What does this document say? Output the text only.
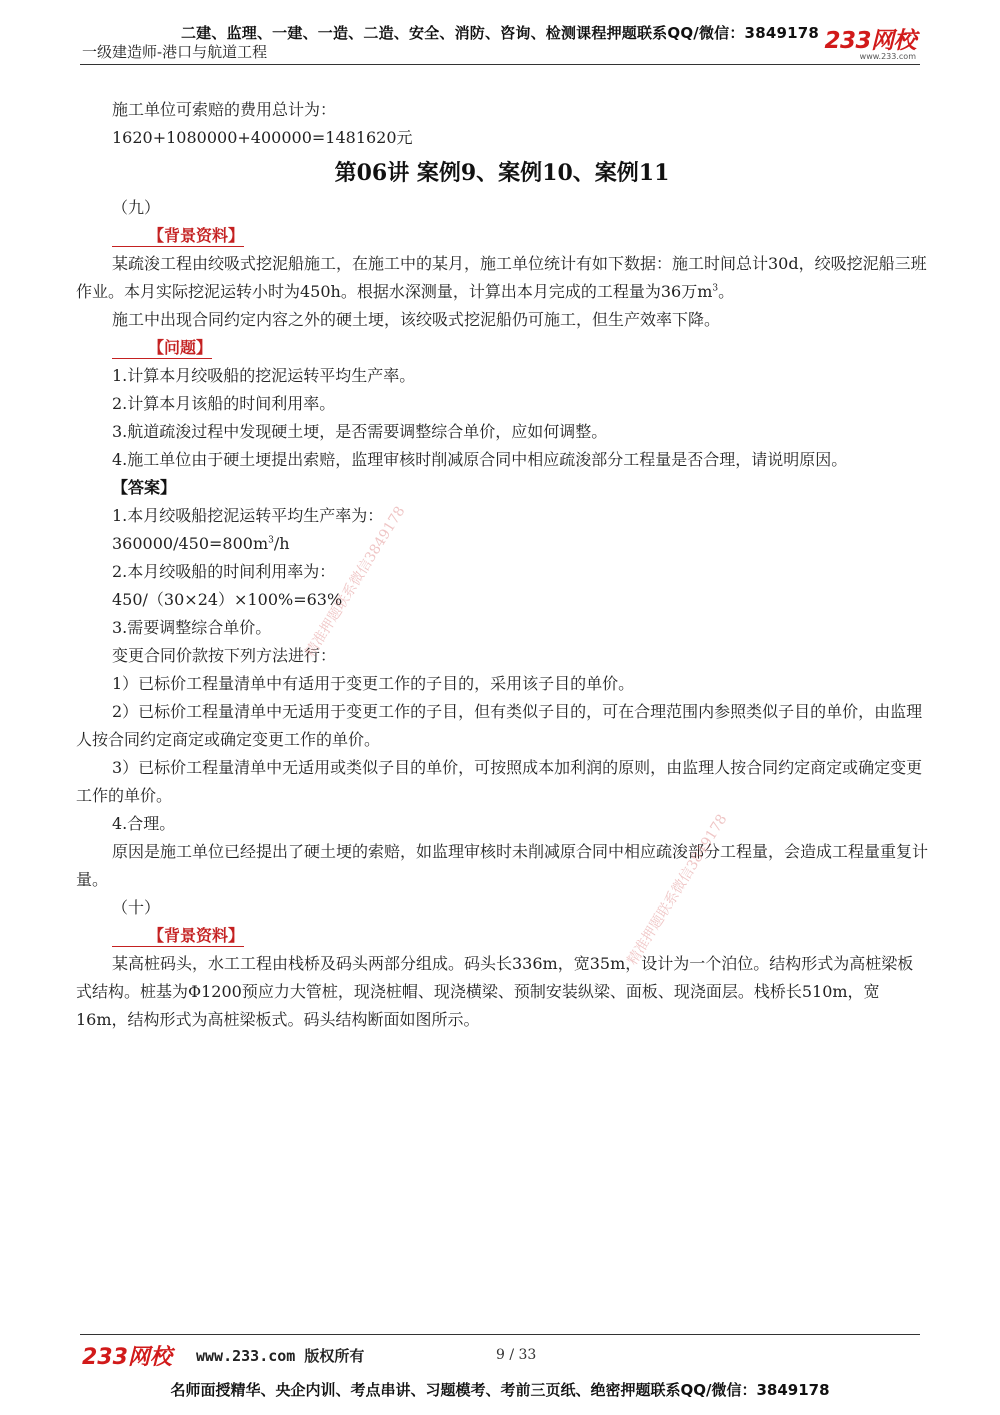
二建、监理、一建、一造、二造、安全、消防、咨询、检测课程押题联系QQ/微信：3849178
一级建造师-港口与航道工程	233网校
www.233.com

施工单位可索赔的费用总计为：

1620+1080000+400000=1481620元

第06讲 案例9、案例10、案例11

（九）

【背景资料】

某疏浚工程由绞吸式挖泥船施工，在施工中的某月，施工单位统计有如下数据：施工时间总计30d，绞吸挖泥船三班作业。本月实际挖泥运转小时为450h。根据水深测量，计算出本月完成的工程量为36万$m^3$。

施工中出现合同约定内容之外的硬土埂，该绞吸式挖泥船仍可施工，但生产效率下降。

【问题】

1.计算本月绞吸船的挖泥运转平均生产率。

2.计算本月该船的时间利用率。

3.航道疏浚过程中发现硬土埂，是否需要调整综合单价，应如何调整。

4.施工单位由于硬土埂提出索赔，监理审核时削减原合同中相应疏浚部分工程量是否合理，请说明原因。

【答案】

1.本月绞吸船挖泥运转平均生产率为：

$360000/450=800m^3/h$

2.本月绞吸船的时间利用率为：

450/（30×24）×100%=63%

3.需要调整综合单价。

变更合同价款按下列方法进行：

1）已标价工程量清单中有适用于变更工作的子目的，采用该子目的单价。

2）已标价工程量清单中无适用于变更工作的子目，但有类似子目的，可在合理范围内参照类似子目的单价，由监理人按合同约定商定或确定变更工作的单价。

3）已标价工程量清单中无适用或类似子目的单价，可按照成本加利润的原则，由监理人按合同约定商定或确定变更工作的单价。

4.合理。

原因是施工单位已经提出了硬土埂的索赔，如监理审核时未削减原合同中相应疏浚部分工程量，会造成工程量重复计量。

（十）

【背景资料】

某高桩码头，水工工程由栈桥及码头两部分组成。码头长336m，宽35m，设计为一个泊位。结构形式为高桩梁板式结构。桩基为Φ1200预应力大管桩，现浇桩帽、现浇横梁、预制安装纵梁、面板、现浇面层。栈桥长510m，宽16m，结构形式为高桩梁板式。码头结构断面如图所示。

精准押题联系微信3849178
精准押题联系微信3849178
233网校 www.233.com 版权所有	9 / 33
名师面授精华、央企内训、考点串讲、习题模考、考前三页纸、绝密押题联系QQ/微信：3849178
